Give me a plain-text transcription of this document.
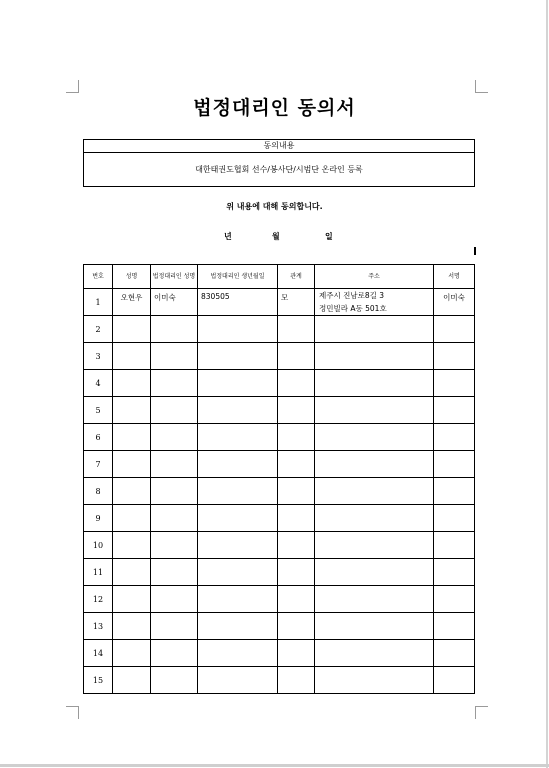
법정대리인 동의서
동의내용
대한태권도협회 선수/봉사단/시범단 온라인 등록
위 내용에 대해 동의합니다.
년	월	일
번호	성명	법정대리인 성명	법정대리인 생년월일	관계	주소	서명
1	오현우	이미숙	830505	모	제주시 진남로8길 3
정민빌라 A동 501호	이미숙
2					

3					

4					

5					

6					

7					

8					

9					

10					

11					

12					

13					

14					

15					
